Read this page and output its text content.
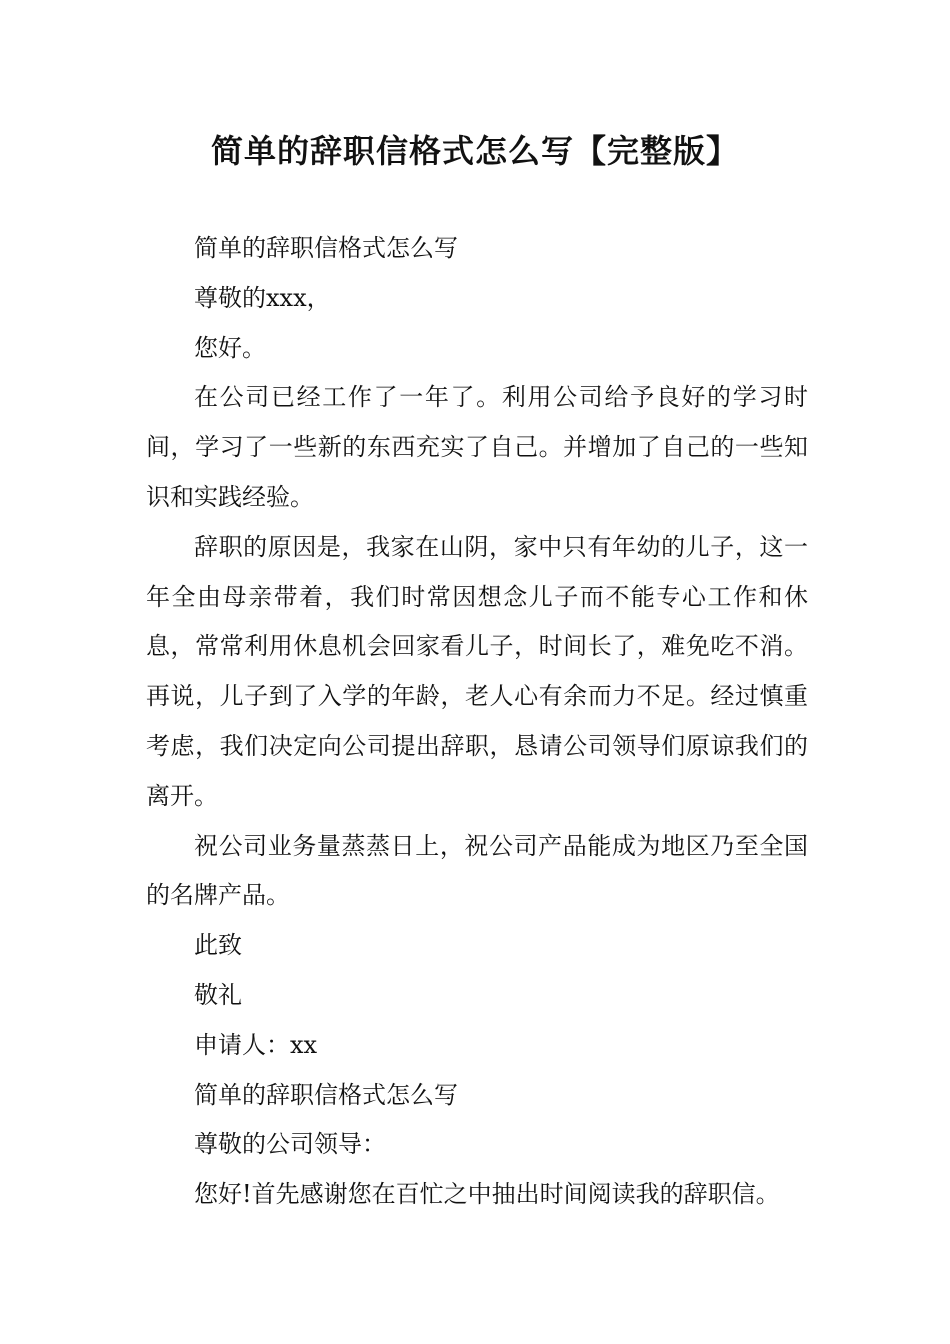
简单的辞职信格式怎么写【完整版】

简单的辞职信格式怎么写

尊敬的xxx，

您好。

在公司已经工作了一年了。利用公司给予良好的学习时间，学习了一些新的东西充实了自己。并增加了自己的一些知识和实践经验。

辞职的原因是，我家在山阴，家中只有年幼的儿子，这一年全由母亲带着，我们时常因想念儿子而不能专心工作和休息，常常利用休息机会回家看儿子，时间长了，难免吃不消。再说，儿子到了入学的年龄，老人心有余而力不足。经过慎重考虑，我们决定向公司提出辞职，恳请公司领导们原谅我们的离开。

祝公司业务量蒸蒸日上，祝公司产品能成为地区乃至全国的名牌产品。

此致

敬礼

申请人：xx

简单的辞职信格式怎么写

尊敬的公司领导：

您好!首先感谢您在百忙之中抽出时间阅读我的辞职信。
